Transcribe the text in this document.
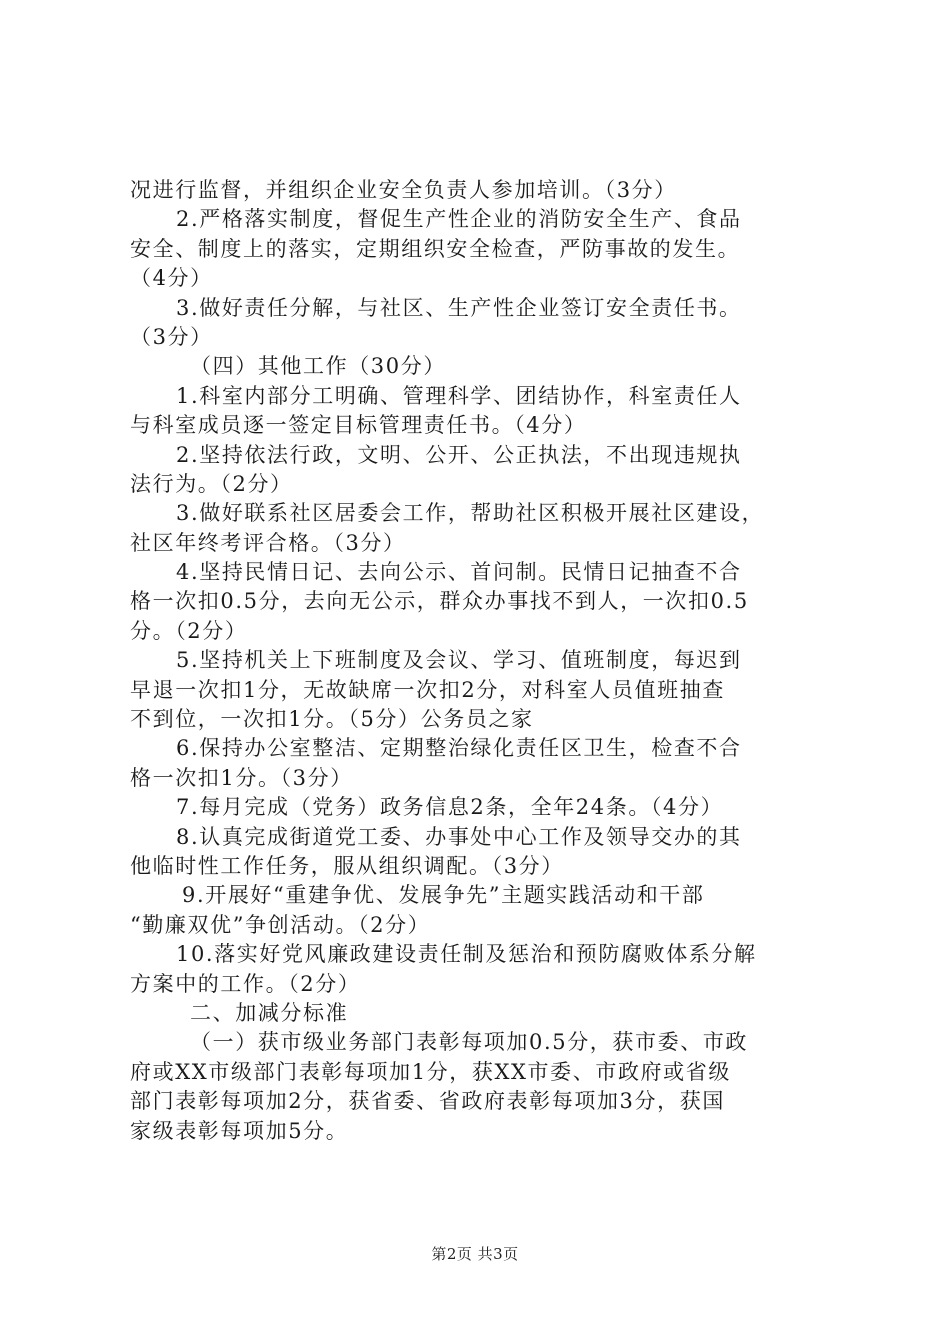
况进行监督，并组织企业安全负责人参加培训。（3分）
2.严格落实制度，督促生产性企业的消防安全生产、食品
安全、制度上的落实，定期组织安全检查，严防事故的发生。
（4分）
3.做好责任分解，与社区、生产性企业签订安全责任书。
（3分）
（四）其他工作（30分）
1.科室内部分工明确、管理科学、团结协作，科室责任人
与科室成员逐一签定目标管理责任书。（4分）
2.坚持依法行政，文明、公开、公正执法，不出现违规执
法行为。（2分）
3.做好联系社区居委会工作，帮助社区积极开展社区建设，
社区年终考评合格。（3分）
4.坚持民情日记、去向公示、首问制。民情日记抽查不合
格一次扣0.5分，去向无公示，群众办事找不到人，一次扣0.5
分。（2分）
5.坚持机关上下班制度及会议、学习、值班制度，每迟到
早退一次扣1分，无故缺席一次扣2分，对科室人员值班抽查
不到位，一次扣1分。（5分）公务员之家
6.保持办公室整洁、定期整治绿化责任区卫生，检查不合
格一次扣1分。（3分）
7.每月完成（党务）政务信息2条，全年24条。（4分）
8.认真完成街道党工委、办事处中心工作及领导交办的其
他临时性工作任务，服从组织调配。（3分）
9.开展好“重建争优、发展争先”主题实践活动和干部
“勤廉双优”争创活动。（2分）
10.落实好党风廉政建设责任制及惩治和预防腐败体系分解
方案中的工作。（2分）
二、加减分标准
（一）获市级业务部门表彰每项加0.5分，获市委、市政
府或XX市级部门表彰每项加1分，获XX市委、市政府或省级
部门表彰每项加2分，获省委、省政府表彰每项加3分，获国
家级表彰每项加5分。
第2页 共3页
